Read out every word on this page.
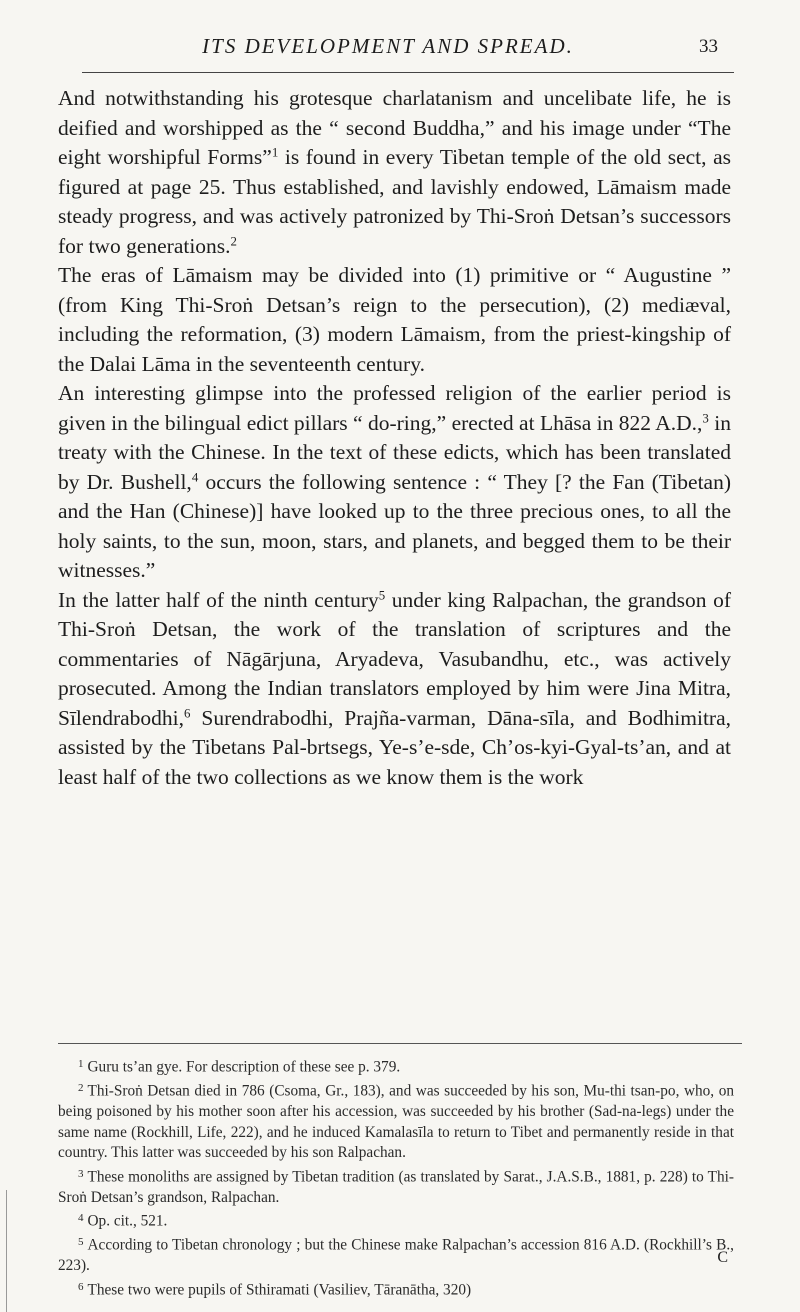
ITS DEVELOPMENT AND SPREAD.	33

And notwithstanding his grotesque charlatanism and uncelibate life, he is deified and worshipped as the “ second Buddha,” and his image under “The eight worshipful Forms”$^1$ is found in every Tibetan temple of the old sect, as figured at page 25. Thus established, and lavishly endowed, Lāmaism made steady progress, and was actively patronized by Thi-Sroṅ Detsan’s successors for two generations.$^2$

The eras of Lāmaism may be divided into (1) primitive or “ Augustine ” (from King Thi-Sroṅ Detsan’s reign to the persecution), (2) mediæval, including the reformation, (3) modern Lāmaism, from the priest-kingship of the Dalai Lāma in the seventeenth century.

An interesting glimpse into the professed religion of the earlier period is given in the bilingual edict pillars “ do-ring,” erected at Lhāsa in 822 A.D.,$^3$ in treaty with the Chinese. In the text of these edicts, which has been translated by Dr. Bushell,$^4$ occurs the following sentence : “ They [? the Fan (Tibetan) and the Han (Chinese)] have looked up to the three precious ones, to all the holy saints, to the sun, moon, stars, and planets, and begged them to be their witnesses.”

In the latter half of the ninth century$^5$ under king Ralpachan, the grandson of Thi-Sroṅ Detsan, the work of the translation of scriptures and the commentaries of Nāgārjuna, Aryadeva, Vasubandhu, etc., was actively prosecuted. Among the Indian translators employed by him were Jina Mitra, Sīlendrabodhi,$^6$ Surendrabodhi, Prajña-varman, Dāna-sīla, and Bodhimitra, assisted by the Tibetans Pal-brtsegs, Ye-s’e-sde, Ch’os-kyi-Gyal-ts’an, and at least half of the two collections as we know them is the work

$^1$ Guru ts’an gye. For description of these see p. 379.

$^2$ Thi-Sroṅ Detsan died in 786 (Csoma, Gr., 183), and was succeeded by his son, Mu-thi tsan-po, who, on being poisoned by his mother soon after his accession, was succeeded by his brother (Sad-na-legs) under the same name (Rockhill, Life, 222), and he induced Kamalasīla to return to Tibet and permanently reside in that country. This latter was succeeded by his son Ralpachan.

$^3$ These monoliths are assigned by Tibetan tradition (as translated by Sarat., J.A.S.B., 1881, p. 228) to Thi-Sroṅ Detsan’s grandson, Ralpachan.

$^4$ Op. cit., 521.

$^5$ According to Tibetan chronology ; but the Chinese make Ralpachan’s accession 816 A.D. (Rockhill’s B., 223).

$^6$ These two were pupils of Sthiramati (Vasiliev, Tāranātha, 320)

C
